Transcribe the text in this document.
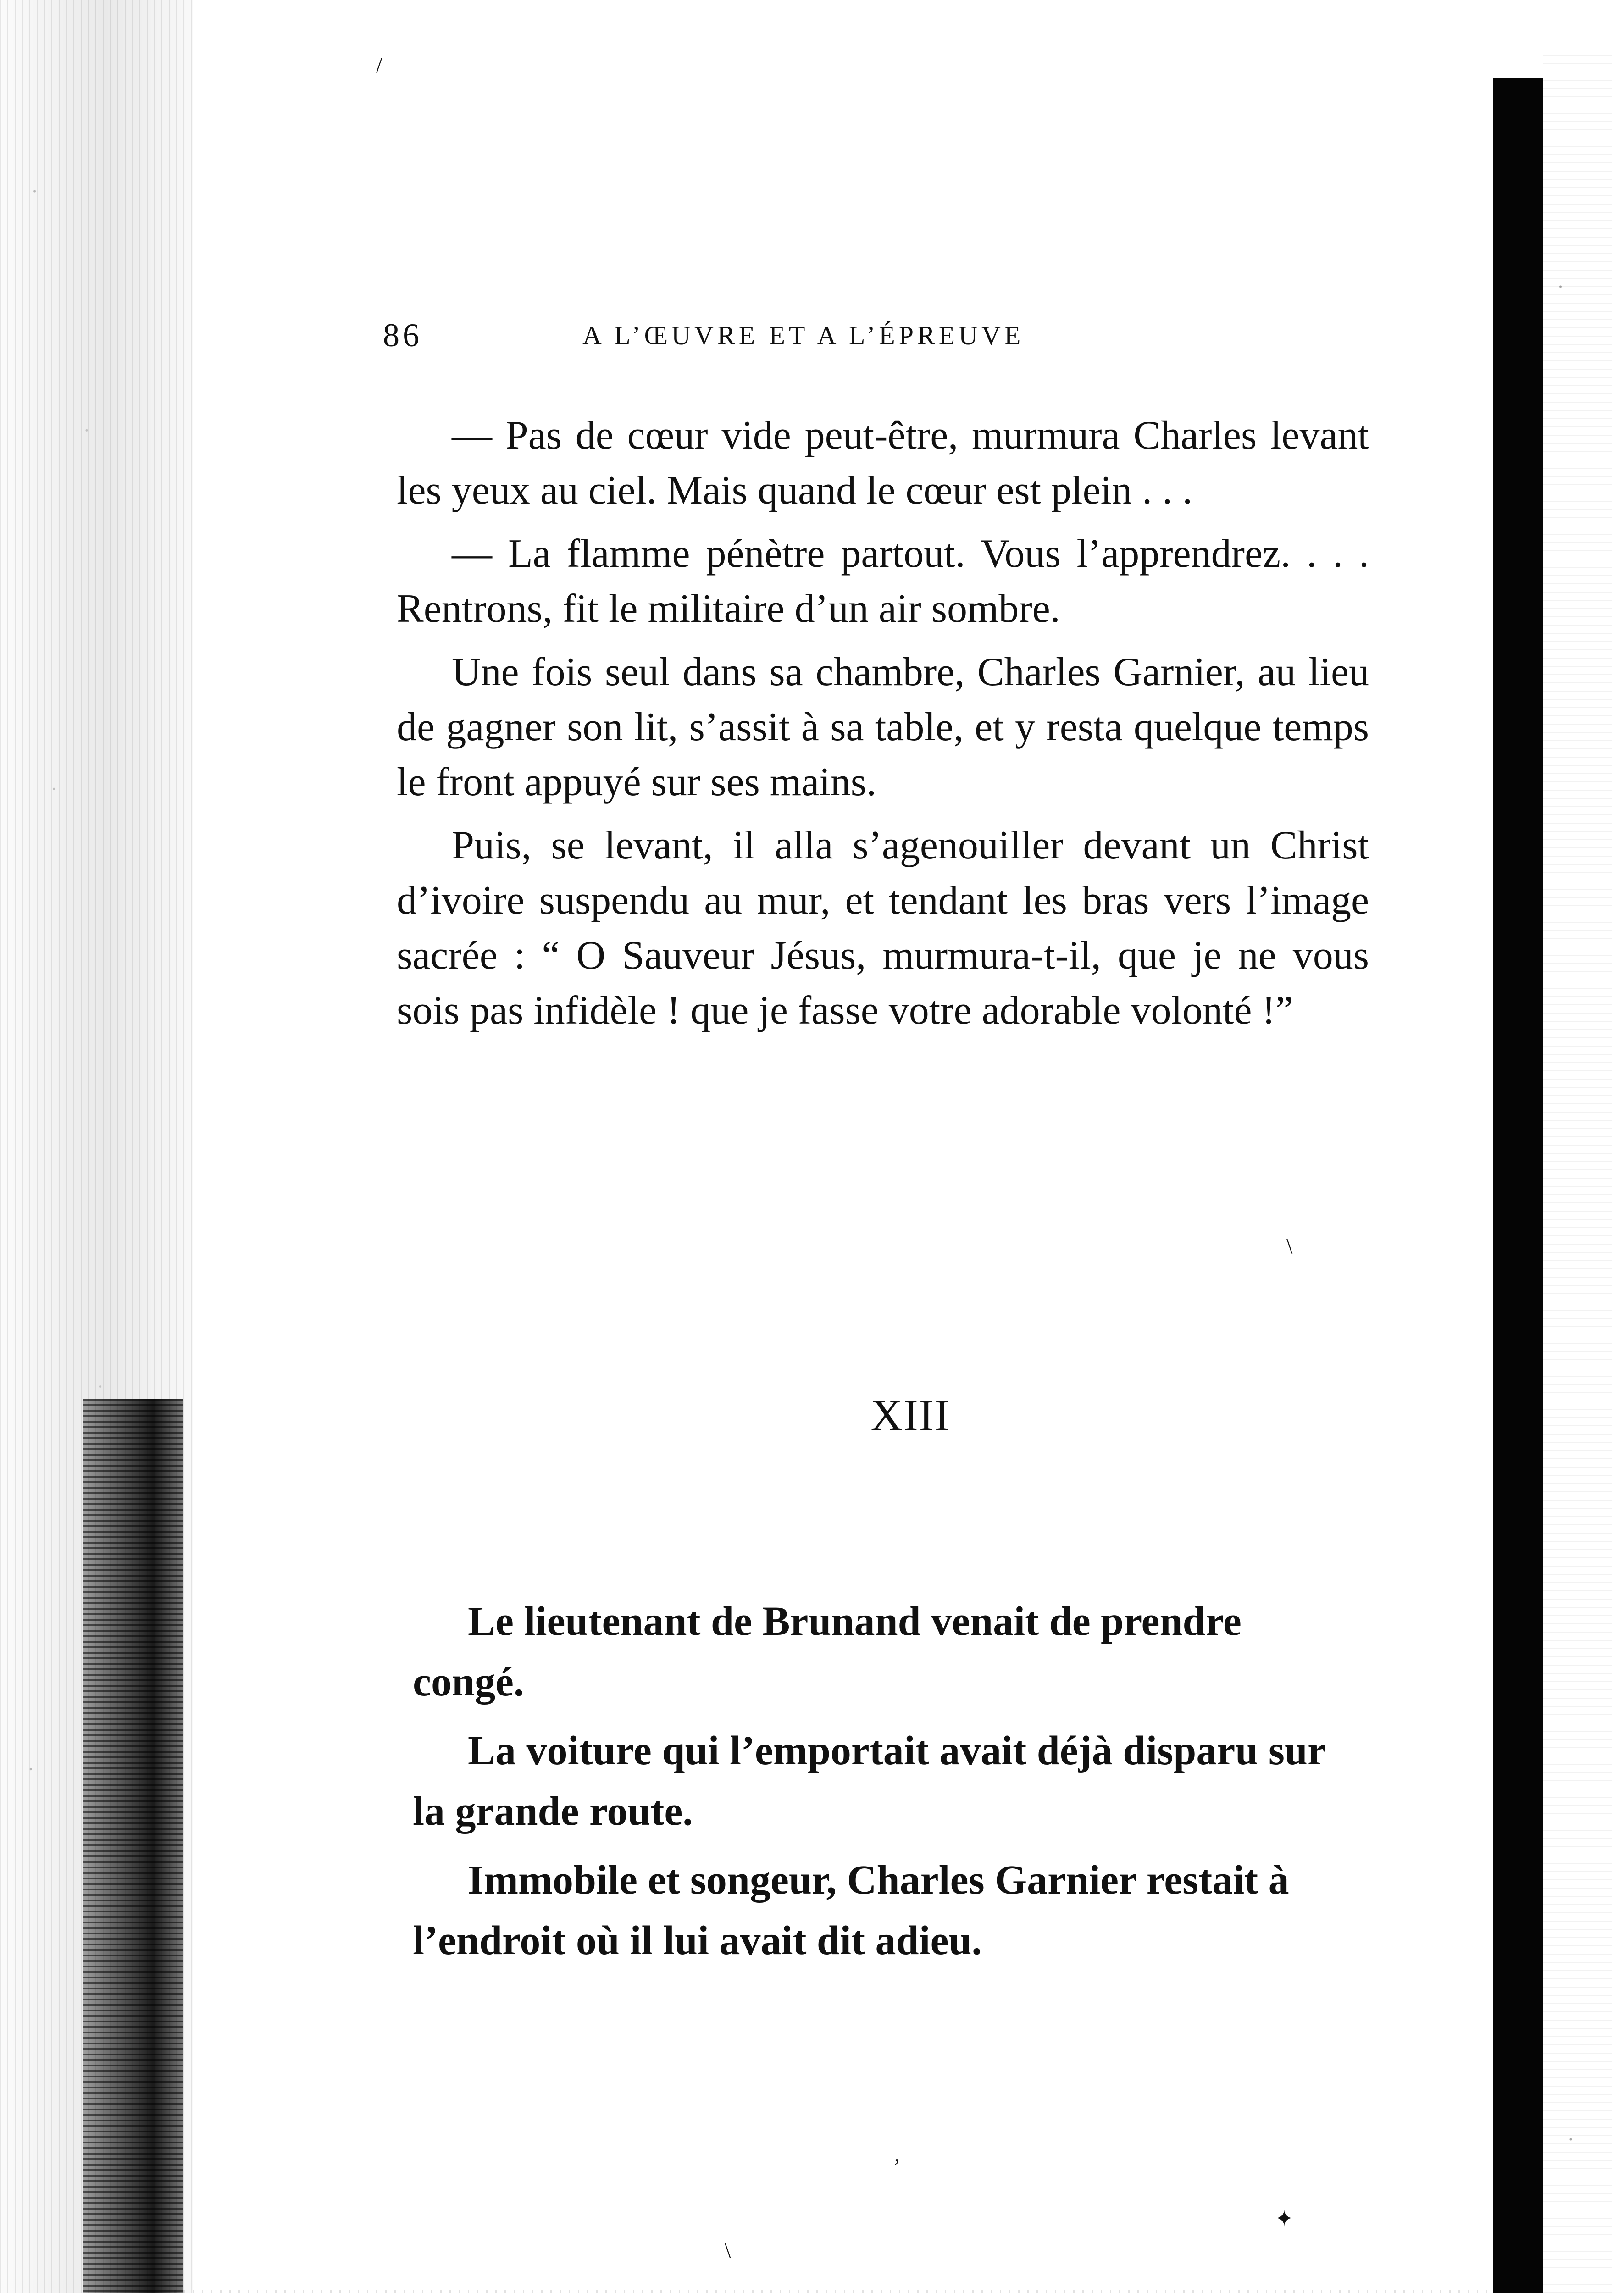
86	A L’ŒUVRE ET A L’ÉPREUVE

— Pas de cœur vide peut-être, murmura Charles levant les yeux au ciel. Mais quand le cœur est plein . . .

— La flamme pénètre partout. Vous l’apprendrez. . . . Rentrons, fit le militaire d’un air sombre.

Une fois seul dans sa chambre, Charles Garnier, au lieu de gagner son lit, s’assit à sa table, et y resta quelque temps le front appuyé sur ses mains.

Puis, se levant, il alla s’agenouiller devant un Christ d’ivoire suspendu au mur, et tendant les bras vers l’image sacrée : “ O Sauveur Jésus, murmura-t-il, que je ne vous sois pas infidèle ! que je fasse votre adorable volonté !”

XIII

Le lieutenant de Brunand venait de prendre congé.

La voiture qui l’emportait avait déjà disparu sur la grande route.

Immobile et songeur, Charles Garnier restait à l’endroit où il lui avait dit adieu.

/
\
,
✦
\
